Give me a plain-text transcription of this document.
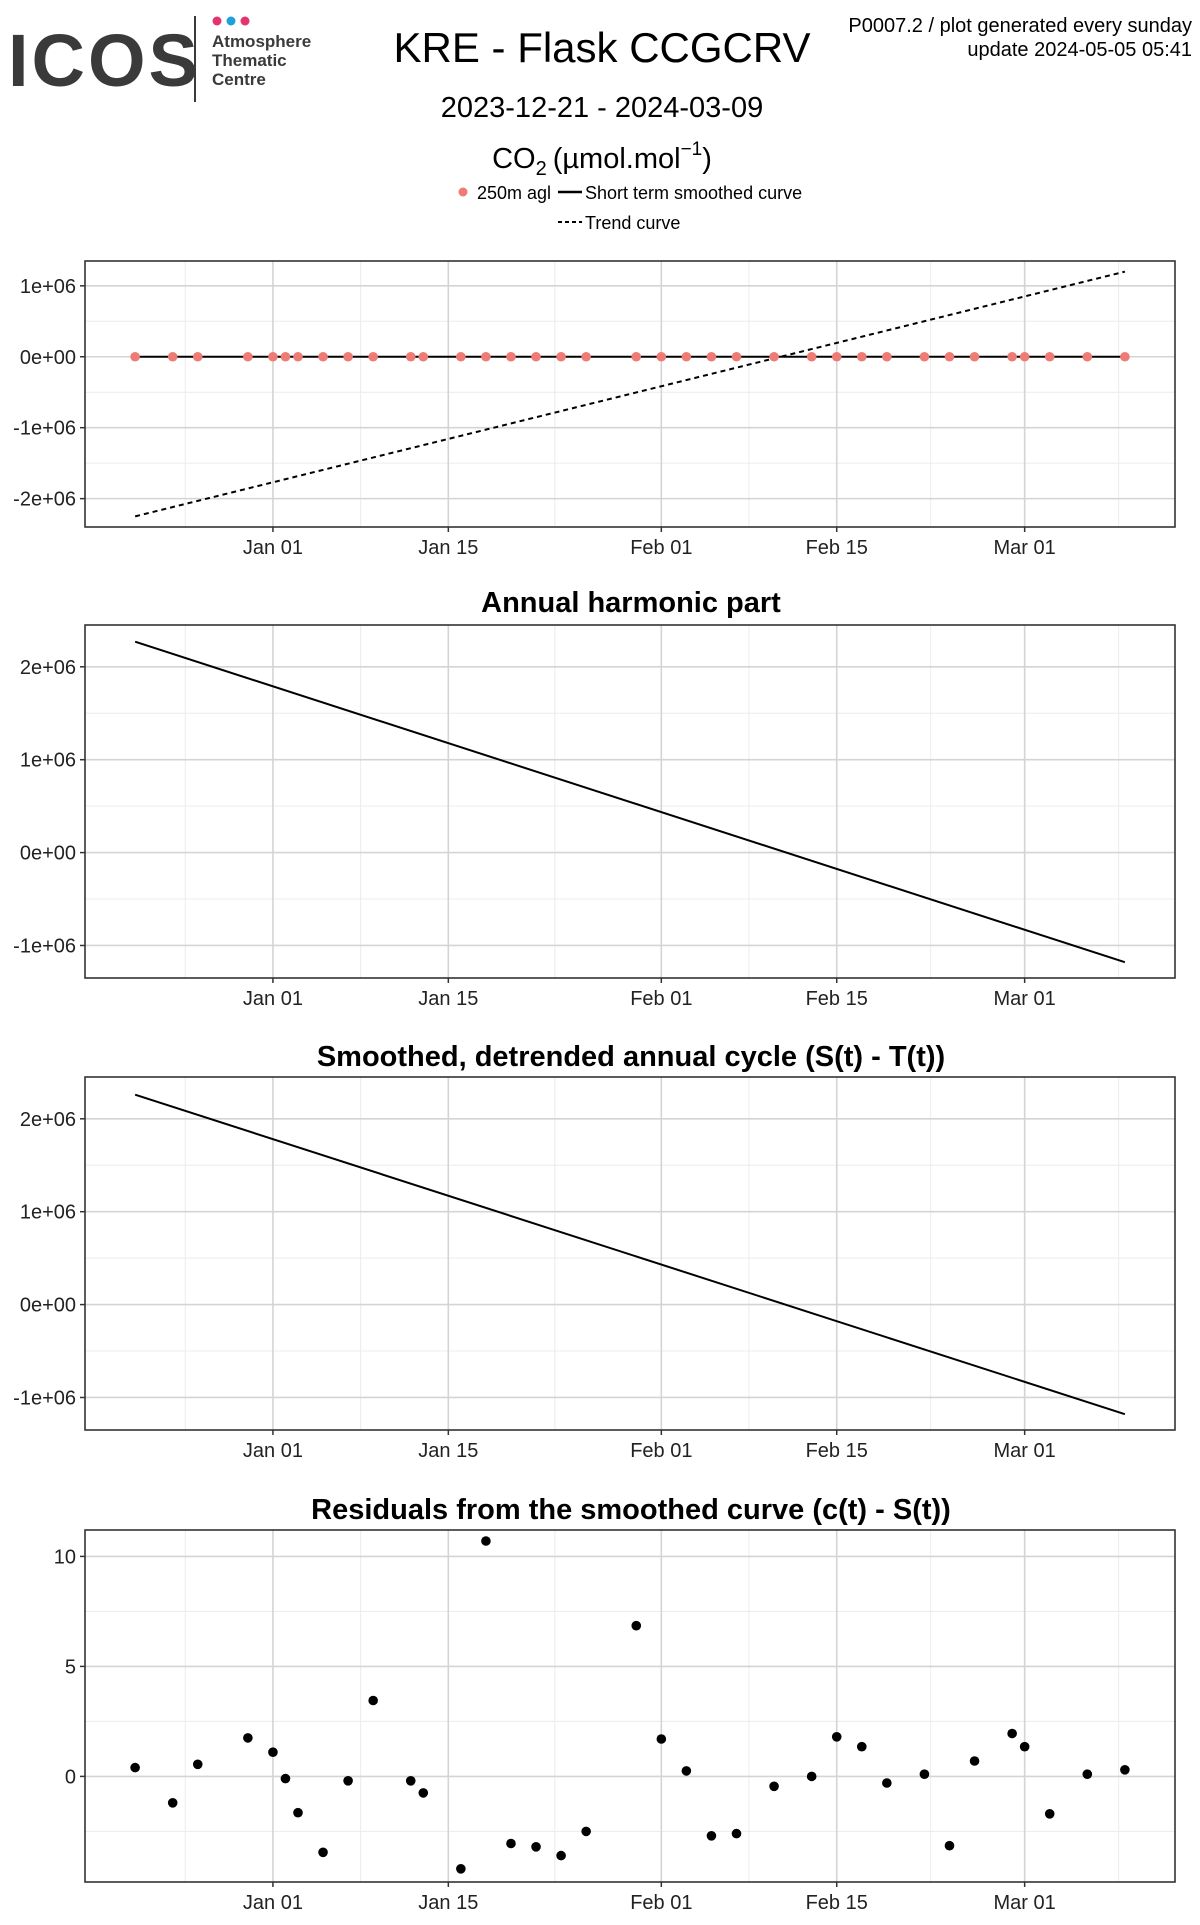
ICOS Atmosphere
Thematic
Centre
KRE - Flask CCGCRV
2023-12-21 - 2024-03-09
$CO_2$ (µmol.mol$^{-1}$)
P0007.2 / plot generated every sunday
update 2024-05-05 05:41
250m agl Short term smoothed curve
Trend curve
Annual harmonic part
Smoothed, detrended annual cycle (S(t) - T(t))
Residuals from the smoothed curve (c(t) - S(t))
1e+06
0e+00
-1e+06
-2e+06
Jan 01	Jan 15	Feb 01	Feb 15	Mar 01
2e+06
1e+06
0e+00
-1e+06
Jan 01	Jan 15	Feb 01	Feb 15	Mar 01
2e+06
1e+06
0e+00
-1e+06
Jan 01	Jan 15	Feb 01	Feb 15	Mar 01
10
5
0
Jan 01	Jan 15	Feb 01	Feb 15	Mar 01
